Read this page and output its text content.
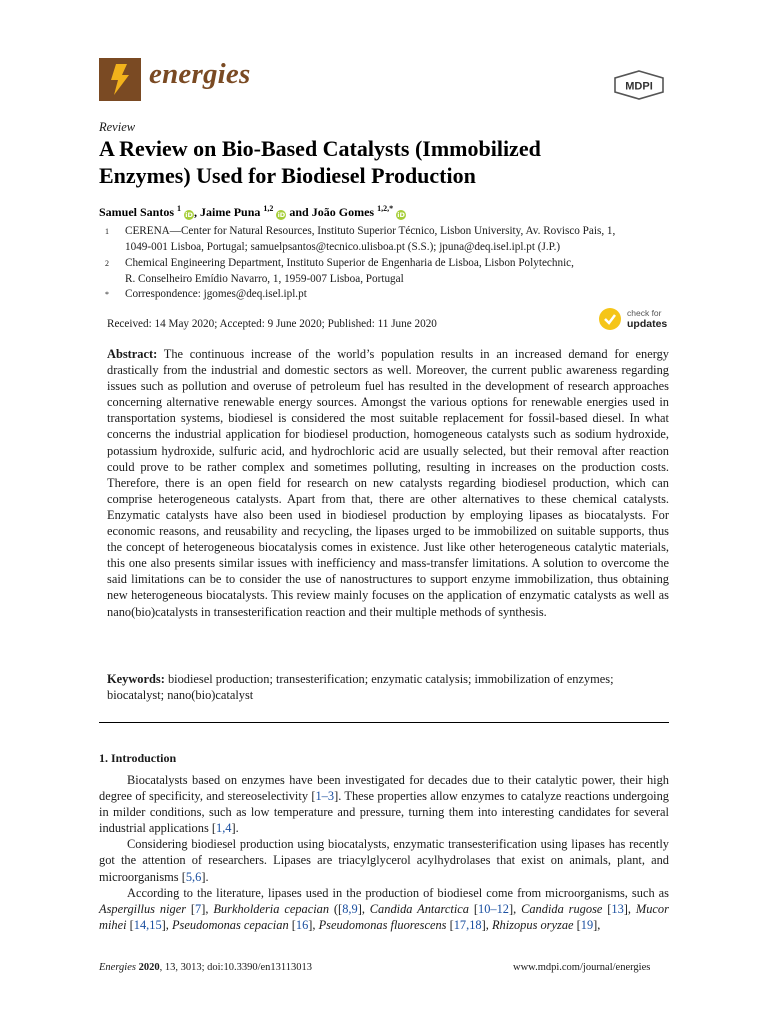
energies	MDPI
Review
A Review on Bio-Based Catalysts (Immobilized
Enzymes) Used for Biodiesel Production
Samuel Santos $^1$ iD, Jaime Puna $^{1,2}$ iD and João Gomes $^{1,2,*}$ iD
1 CERENA—Center for Natural Resources, Instituto Superior Técnico, Lisbon University, Av. Rovisco Pais, 1,
1049-001 Lisboa, Portugal; samuelpsantos@tecnico.ulisboa.pt (S.S.); jpuna@deq.isel.ipl.pt (J.P.)
2 Chemical Engineering Department, Instituto Superior de Engenharia de Lisboa, Lisbon Polytechnic,
R. Conselheiro Emídio Navarro, 1, 1959-007 Lisboa, Portugal
* Correspondence: jgomes@deq.isel.ipl.pt
Received: 14 May 2020; Accepted: 9 June 2020; Published: 11 June 2020
check for
updates
Abstract: The continuous increase of the world’s population results in an increased demand for energy drastically from the industrial and domestic sectors as well. Moreover, the current public awareness regarding issues such as pollution and overuse of petroleum fuel has resulted in the development of research approaches concerning alternative renewable energy sources. Amongst the various options for renewable energies used in transportation systems, biodiesel is considered the most suitable replacement for fossil-based diesel. In what concerns the industrial application for biodiesel production, homogeneous catalysts such as sodium hydroxide, potassium hydroxide, sulfuric acid, and hydrochloric acid are usually selected, but their removal after reaction could prove to be rather complex and sometimes polluting, resulting in increases on the production costs. Therefore, there is an open field for research on new catalysts regarding biodiesel production, which can comprise heterogeneous catalysts. Apart from that, there are other alternatives to these chemical catalysts. Enzymatic catalysts have also been used in biodiesel production by employing lipases as biocatalysts. For economic reasons, and reusability and recycling, the lipases urged to be immobilized on suitable supports, thus the concept of heterogeneous biocatalysis comes in existence. Just like other heterogeneous catalytic materials, this one also presents similar issues with inefficiency and mass-transfer limitations. A solution to overcome the said limitations can be to consider the use of nanostructures to support enzyme immobilization, thus obtaining new heterogeneous biocatalysts. This review mainly focuses on the application of enzymatic catalysts as well as nano(bio)catalysts in transesterification reaction and their multiple methods of synthesis.
Keywords: biodiesel production; transesterification; enzymatic catalysis; immobilization of enzymes; biocatalyst; nano(bio)catalyst
1. Introduction

Biocatalysts based on enzymes have been investigated for decades due to their catalytic power, their high degree of specificity, and stereoselectivity [1–3]. These properties allow enzymes to catalyze reactions undergoing in milder conditions, such as low temperature and pressure, turning them into interesting candidates for several industrial applications [1,4].

Considering biodiesel production using biocatalysts, enzymatic transesterification using lipases has recently got the attention of researchers. Lipases are triacylglycerol acylhydrolases that exist on animals, plant, and microorganisms [5,6].

According to the literature, lipases used in the production of biodiesel come from microorganisms, such as Aspergillus niger [7], Burkholderia cepacian ([8,9], Candida Antarctica [10–12], Candida rugose [13], Mucor mihei [14,15], Pseudomonas cepacian [16], Pseudomonas fluorescens [17,18], Rhizopus oryzae [19],

Energies 2020, 13, 3013; doi:10.3390/en13113013	www.mdpi.com/journal/energies
